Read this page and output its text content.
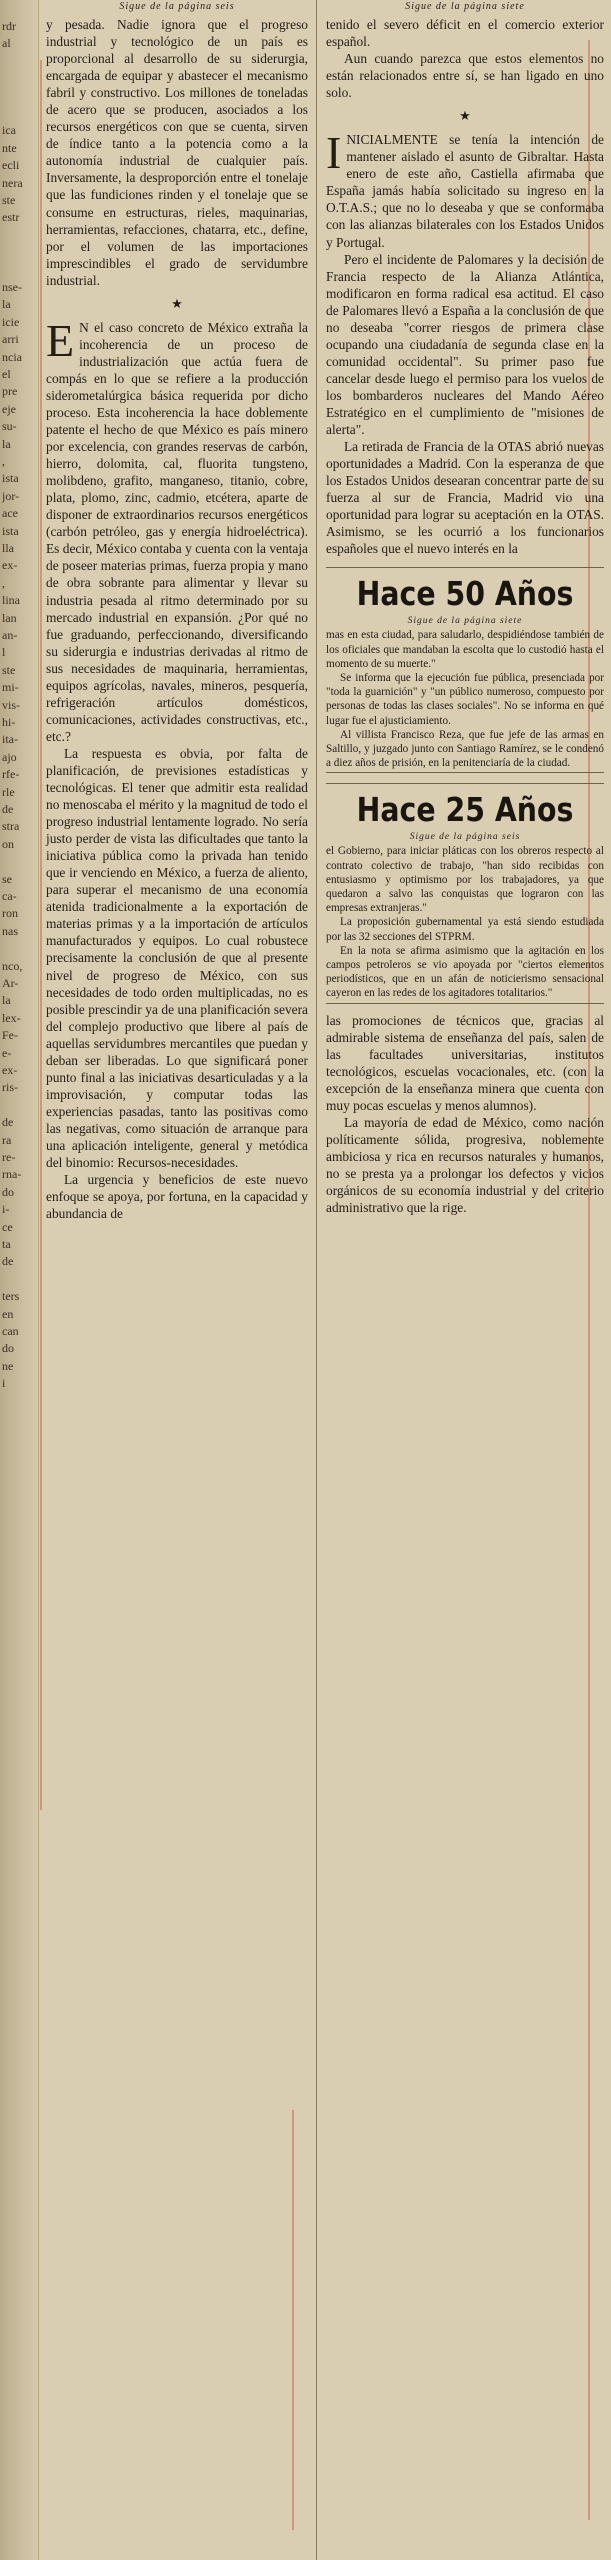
rdr
al
ica
nte
ecli
nera
ste
estr
nse-
la
icie
arri
ncia
el
pre
eje
su-
la
,
ista
jor-
ace
ista
lla
ex-
,
lina
lan
an-
l
ste
mi-
vis-
hi-
ita-
ajo
rfe-
rle
de
stra
on
se
ca-
ron
nas
nco,
Ar-
la
lex-
Fe-
e-
ex-
ris-
de
ra
re-
rna-
do
i-
ce
ta
de
ters
en
can
do
ne
i
Sigue de la página seis

y pesada. Nadie ignora que el progreso industrial y tecnológico de un país es proporcional al desarrollo de su siderurgia, encargada de equipar y abastecer el mecanismo fabril y constructivo. Los millones de toneladas de acero que se producen, asociados a los recursos energéticos con que se cuenta, sirven de índice tanto a la potencia como a la autonomía industrial de cualquier país. Inversamente, la desproporción entre el tonelaje que las fundiciones rinden y el tonelaje que se consume en estructuras, rieles, maquinarias, herramientas, refacciones, chatarra, etc., define, por el volumen de las importaciones imprescindibles el grado de servidumbre industrial.

★

E N el caso concreto de México extraña la incoherencia de un proceso de industrialización que actúa fuera de compás en lo que se refiere a la producción siderometalúrgica básica requerida por dicho proceso. Esta incoherencia la hace doblemente patente el hecho de que México es país minero por excelencia, con grandes reservas de carbón, hierro, dolomita, cal, fluorita tungsteno, molibdeno, grafito, manganeso, titanio, cobre, plata, plomo, zinc, cadmio, etcétera, aparte de disponer de extraordinarios recursos energéticos (carbón petróleo, gas y energía hidroeléctrica). Es decir, México contaba y cuenta con la ventaja de poseer materias primas, fuerza propia y mano de obra sobrante para alimentar y llevar su industria pesada al ritmo determinado por su mercado industrial en expansión. ¿Por qué no fue graduando, perfeccionando, diversificando su siderurgia e industrias derivadas al ritmo de sus necesidades de maquinaria, herramientas, equipos agrícolas, navales, mineros, pesquería, refrigeración artículos domésticos, comunicaciones, actividades constructivas, etc., etc.?

La respuesta es obvia, por falta de planificación, de previsiones estadísticas y tecnológicas. El tener que admitir esta realidad no menoscaba el mérito y la magnitud de todo el progreso industrial lentamente logrado. No sería justo perder de vista las dificultades que tanto la iniciativa pública como la privada han tenido que ir venciendo en México, a fuerza de aliento, para superar el mecanismo de una economía atenida tradicionalmente a la exportación de materias primas y a la importación de artículos manufacturados y equipos. Lo cual robustece precisamente la conclusión de que al presente nivel de progreso de México, con sus necesidades de todo orden multiplicadas, no es posible prescindir ya de una planificación severa del complejo productivo que libere al país de aquellas servidumbres mercantiles que puedan y deban ser liberadas. Lo que significará poner punto final a las iniciativas desarticuladas y a la improvisación, y computar todas las experiencias pasadas, tanto las positivas como las negativas, como situación de arranque para una aplicación inteligente, general y metódica del binomio: Recursos-necesidades.

La urgencia y beneficios de este nuevo enfoque se apoya, por fortuna, en la capacidad y abundancia de

Sigue de la página siete

tenido el severo déficit en el comercio exterior español.

Aun cuando parezca que estos elementos no están relacionados entre sí, se han ligado en uno solo.

★

INICIALMENTE se tenía la intención de mantener aislado el asunto de Gibraltar. Hasta enero de este año, Castiella afirmaba que España jamás había solicitado su ingreso en la O.T.A.S.; que no lo deseaba y que se conformaba con las alianzas bilaterales con los Estados Unidos y Portugal.

Pero el incidente de Palomares y la decisión de Francia respecto de la Alianza Atlántica, modificaron en forma radical esa actitud. El caso de Palomares llevó a España a la conclusión de que no deseaba "correr riesgos de primera clase ocupando una ciudadanía de segunda clase en la comunidad occidental". Su primer paso fue cancelar desde luego el permiso para los vuelos de los bombarderos nucleares del Mando Aéreo Estratégico en el cumplimiento de "misiones de alerta".

La retirada de Francia de la OTAS abrió nuevas oportunidades a Madrid. Con la esperanza de que los Estados Unidos desearan concentrar parte de su fuerza al sur de Francia, Madrid vio una oportunidad para lograr su aceptación en la OTAS. Asimismo, se les ocurrió a los funcionarios españoles que el nuevo interés en la

Hace 50 Años
Sigue de la página siete

mas en esta ciudad, para saludarlo, despidiéndose también de los oficiales que mandaban la escolta que lo custodió hasta el momento de su muerte."

Se informa que la ejecución fue pública, presenciada por "toda la guarnición" y "un público numeroso, compuesto por personas de todas las clases sociales". No se informa en qué lugar fue el ajusticiamiento.

Al villista Francisco Reza, que fue jefe de las armas en Saltillo, y juzgado junto con Santiago Ramírez, se le condenó a diez años de prisión, en la penitenciaría de la ciudad.

Hace 25 Años
Sigue de la página seis

el Gobierno, para iniciar pláticas con los obreros respecto al contrato colectivo de trabajo, "han sido recibidas con entusiasmo y optimismo por los trabajadores, ya que quedaron a salvo las conquistas que lograron con las empresas extranjeras."

La proposición gubernamental ya está siendo estudiada por las 32 secciones del STPRM.

En la nota se afirma asimismo que la agitación en los campos petroleros se vio apoyada por "ciertos elementos periodísticos, que en un afán de noticierismo sensacional cayeron en las redes de los agitadores totalitarios."

las promociones de técnicos que, gracias al admirable sistema de enseñanza del país, salen de las facultades universitarias, institutos tecnológicos, escuelas vocacionales, etc. (con la excepción de la enseñanza minera que cuenta con muy pocas escuelas y menos alumnos).

La mayoría de edad de México, como nación políticamente sólida, progresiva, noblemente ambiciosa y rica en recursos naturales y humanos, no se presta ya a prolongar los defectos y vicios orgánicos de su economía industrial y del criterio administrativo que la rige.
